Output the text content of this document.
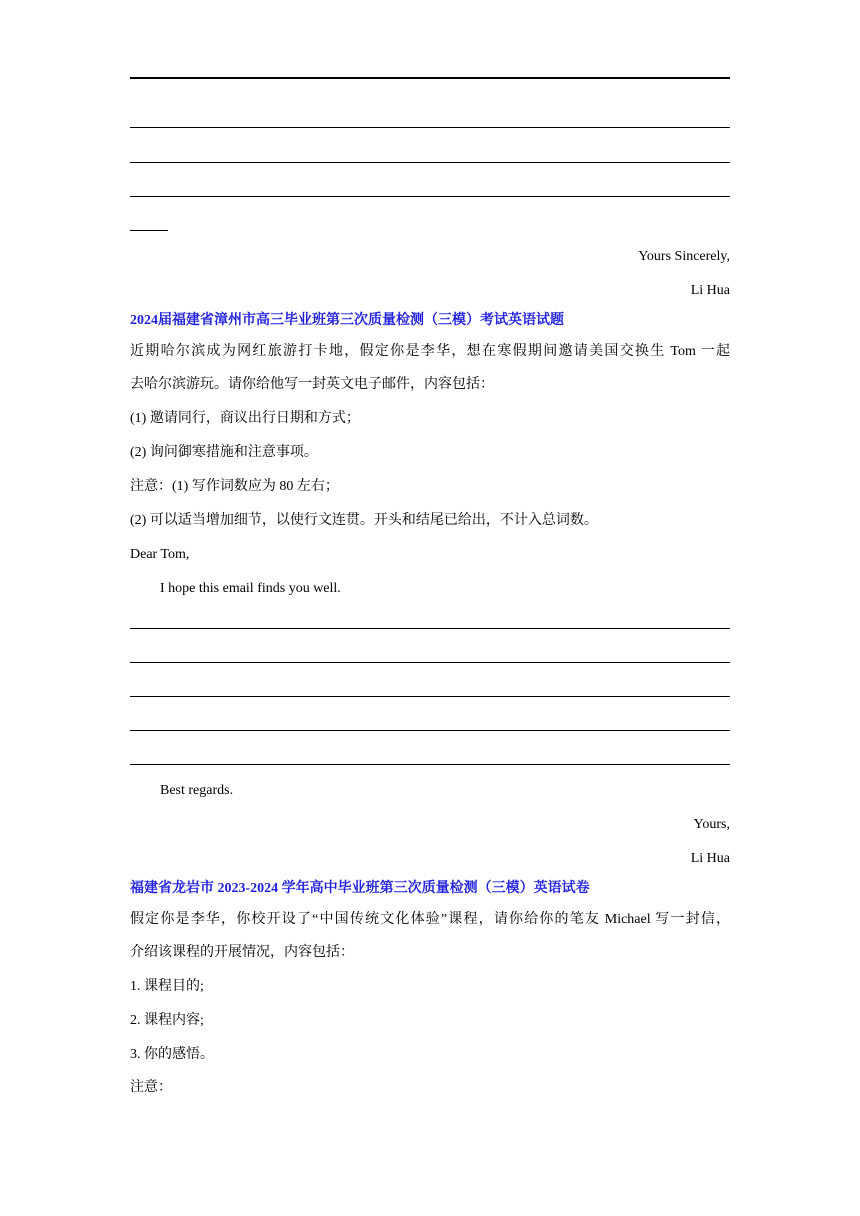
Yours Sincerely,
Li Hua
2024届福建省漳州市高三毕业班第三次质量检测（三模）考试英语试题
近期哈尔滨成为网红旅游打卡地，假定你是李华，想在寒假期间邀请美国交换生 Tom 一起
去哈尔滨游玩。请你给他写一封英文电子邮件，内容包括：
(1) 邀请同行，商议出行日期和方式；
(2) 询问御寒措施和注意事项。
注意：(1) 写作词数应为 80 左右；
(2) 可以适当增加细节，以使行文连贯。开头和结尾已给出，不计入总词数。
Dear Tom,
I hope this email finds you well.
Best regards.
Yours,
Li Hua
福建省龙岩市 2023-2024 学年高中毕业班第三次质量检测（三模）英语试卷
假定你是李华，你校开设了“中国传统文化体验”课程，请你给你的笔友 Michael 写一封信，
介绍该课程的开展情况，内容包括：
1. 课程目的;
2. 课程内容;
3. 你的感悟。
注意：
